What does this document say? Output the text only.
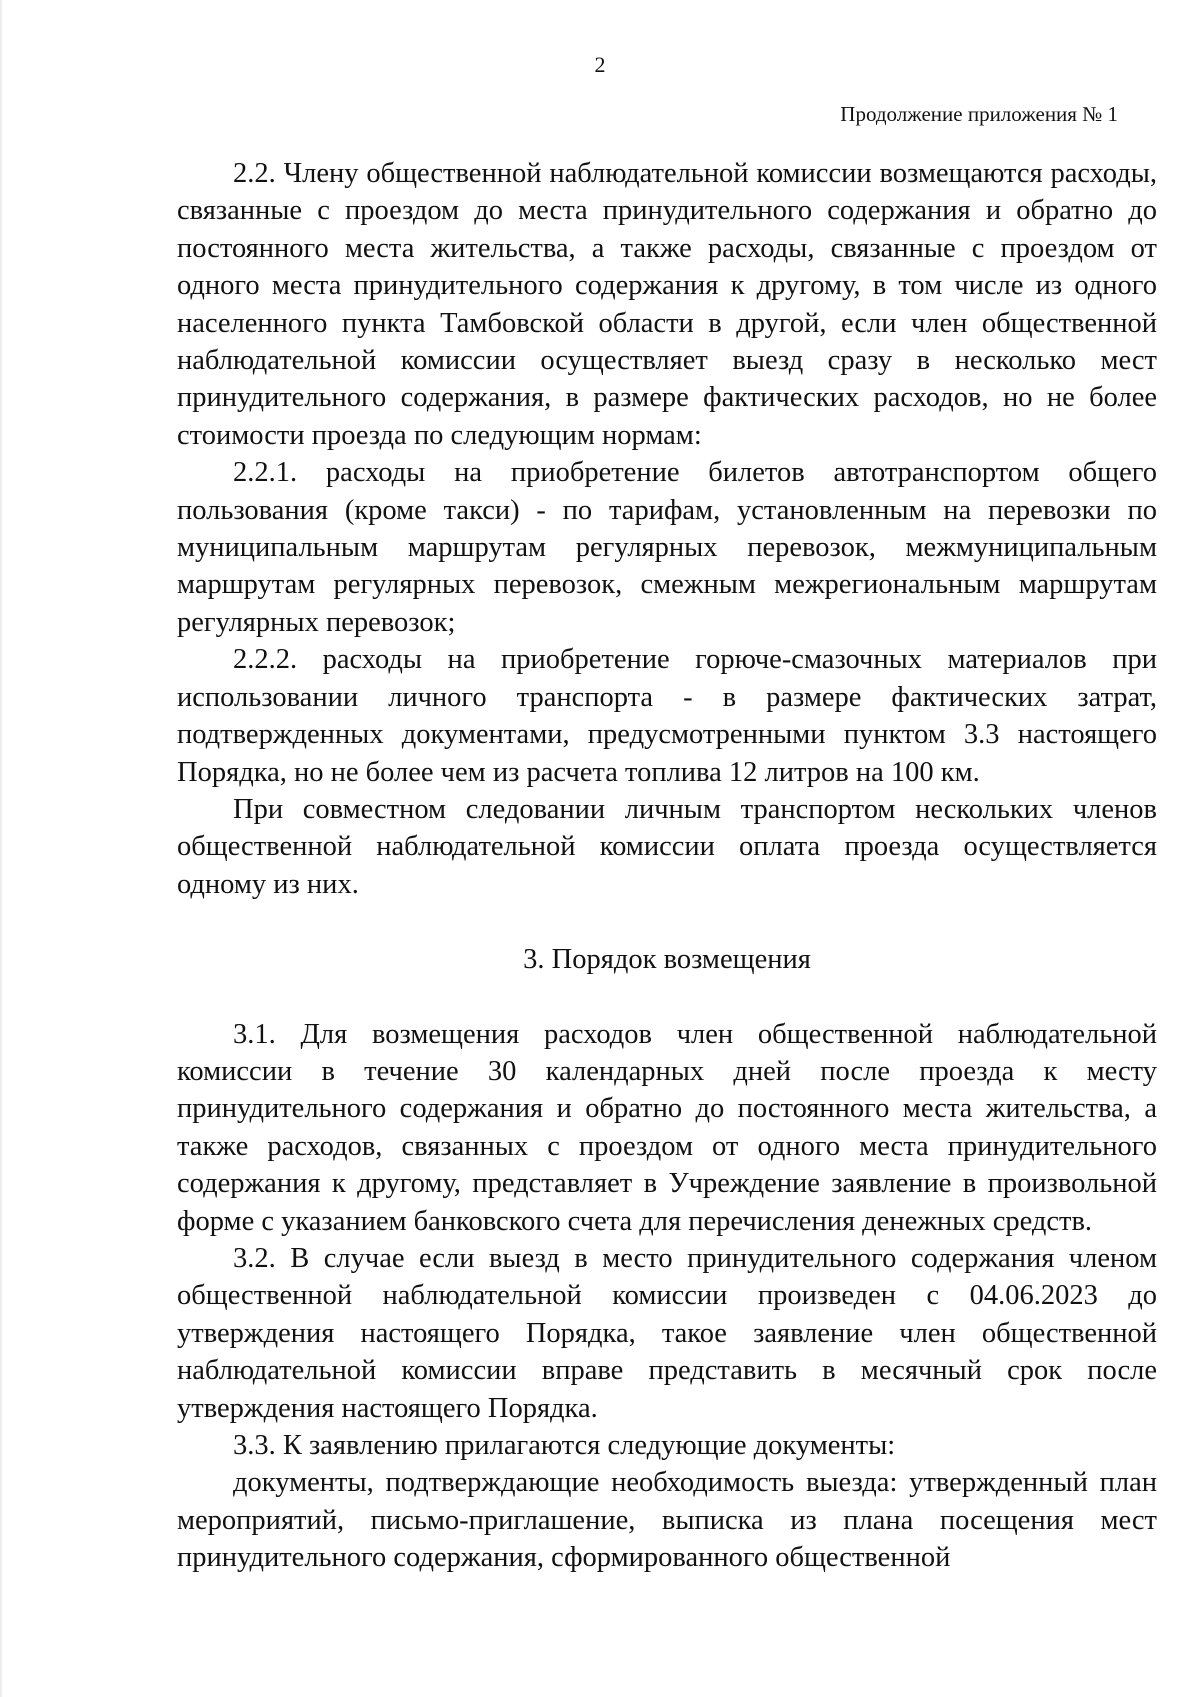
2
Продолжение приложения № 1

2.2. Члену общественной наблюдательной комиссии возмещаются расходы, связанные с проездом до места принудительного содержания и обратно до постоянного места жительства, а также расходы, связанные с проездом от одного места принудительного содержания к другому, в том числе из одного населенного пункта Тамбовской области в другой, если член общественной наблюдательной комиссии осуществляет выезд сразу в несколько мест принудительного содержания, в размере фактических расходов, но не более стоимости проезда по следующим нормам:

2.2.1. расходы на приобретение билетов автотранспортом общего пользования (кроме такси) - по тарифам, установленным на перевозки по муниципальным маршрутам регулярных перевозок, межмуниципальным маршрутам регулярных перевозок, смежным межрегиональным маршрутам регулярных перевозок;

2.2.2. расходы на приобретение горюче-смазочных материалов при использовании личного транспорта - в размере фактических затрат, подтвержденных документами, предусмотренными пунктом 3.3 настоящего Порядка, но не более чем из расчета топлива 12 литров на 100 км.

При совместном следовании личным транспортом нескольких членов общественной наблюдательной комиссии оплата проезда осуществляется одному из них.

3. Порядок возмещения

3.1. Для возмещения расходов член общественной наблюдательной комиссии в течение 30 календарных дней после проезда к месту принудительного содержания и обратно до постоянного места жительства, а также расходов, связанных с проездом от одного места принудительного содержания к другому, представляет в Учреждение заявление в произвольной форме с указанием банковского счета для перечисления денежных средств.

3.2. В случае если выезд в место принудительного содержания членом общественной наблюдательной комиссии произведен с 04.06.2023 до утверждения настоящего Порядка, такое заявление член общественной наблюдательной комиссии вправе представить в месячный срок после утверждения настоящего Порядка.

3.3. К заявлению прилагаются следующие документы:

документы, подтверждающие необходимость выезда: утвержденный план мероприятий, письмо-приглашение, выписка из плана посещения мест принудительного содержания, сформированного общественной
